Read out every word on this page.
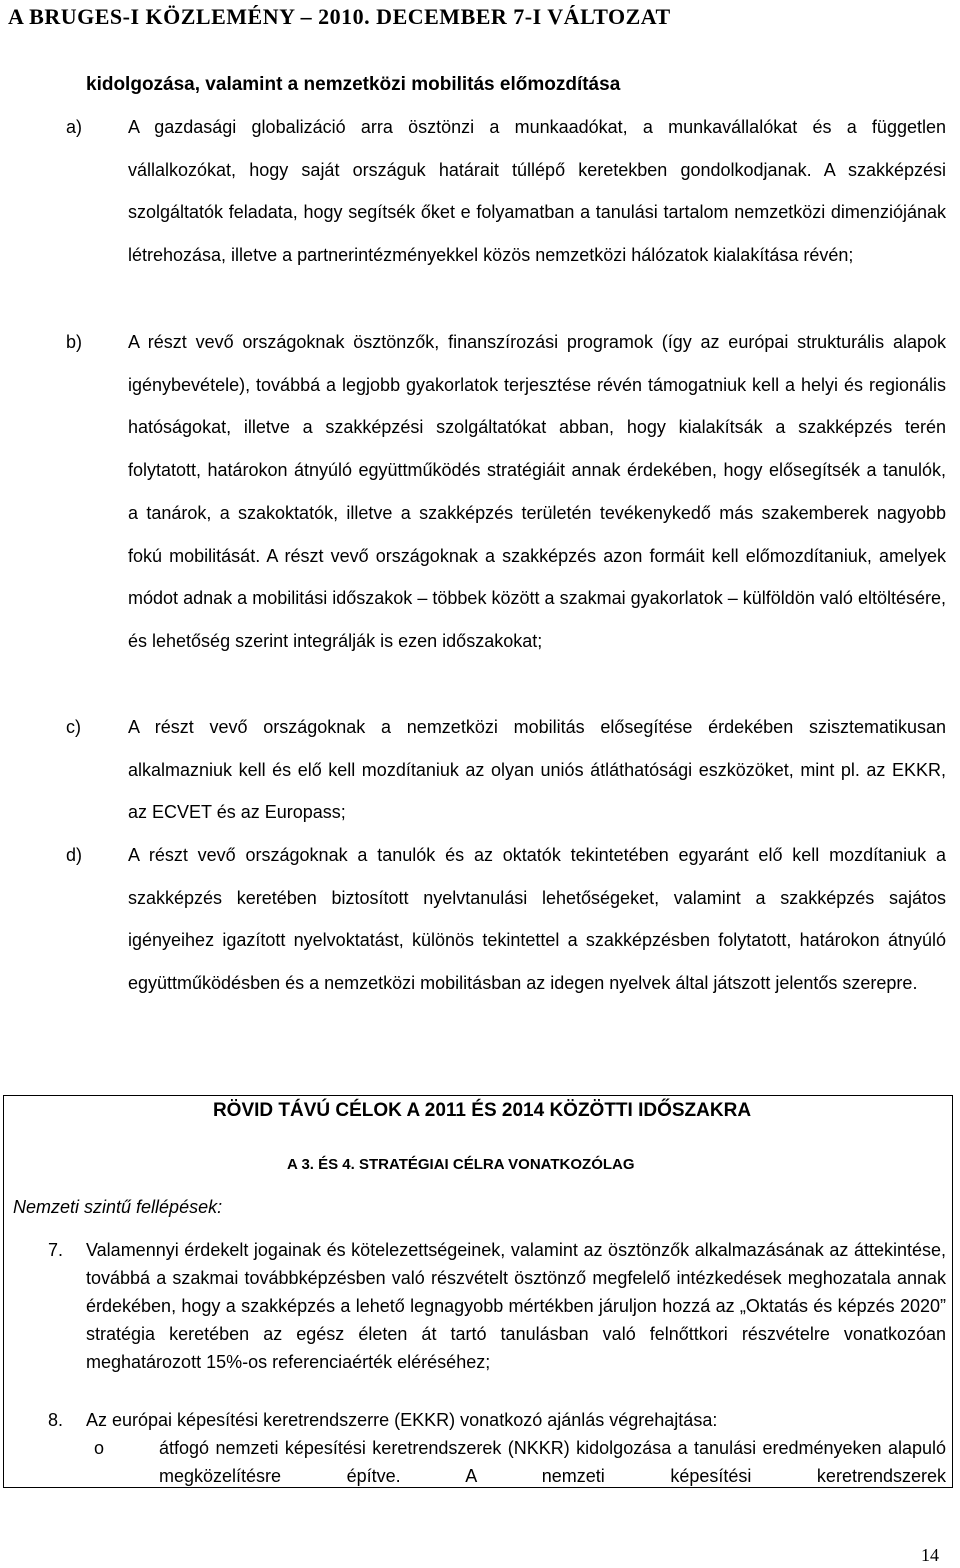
A BRUGES-I KÖZLEMÉNY – 2010. DECEMBER 7-I VÁLTOZAT
kidolgozása, valamint a nemzetközi mobilitás előmozdítása
a)	A gazdasági globalizáció arra ösztönzi a munkaadókat, a munkavállalókat és a független vállalkozókat, hogy saját országuk határait túllépő keretekben gondolkodjanak. A szakképzési szolgáltatók feladata, hogy segítsék őket e folyamatban a tanulási tartalom nemzetközi dimenziójának létrehozása, illetve a partnerintézményekkel közös nemzetközi hálózatok kialakítása révén;

b)	A részt vevő országoknak ösztönzők, finanszírozási programok (így az európai strukturális alapok igénybevétele), továbbá a legjobb gyakorlatok terjesztése révén támogatniuk kell a helyi és regionális hatóságokat, illetve a szakképzési szolgáltatókat abban, hogy kialakítsák a szakképzés terén folytatott, határokon átnyúló együttműködés stratégiáit annak érdekében, hogy elősegítsék a tanulók, a tanárok, a szakoktatók, illetve a szakképzés területén tevékenykedő más szakemberek nagyobb fokú mobilitását. A részt vevő országoknak a szakképzés azon formáit kell előmozdítaniuk, amelyek módot adnak a mobilitási időszakok – többek között a szakmai gyakorlatok – külföldön való eltöltésére, és lehetőség szerint integrálják is ezen időszakokat;

c)	A részt vevő országoknak a nemzetközi mobilitás elősegítése érdekében szisztematikusan alkalmazniuk kell és elő kell mozdítaniuk az olyan uniós átláthatósági eszközöket, mint pl. az EKKR, az ECVET és az Europass;

d)	A részt vevő országoknak a tanulók és az oktatók tekintetében egyaránt elő kell mozdítaniuk a szakképzés keretében biztosított nyelvtanulási lehetőségeket, valamint a szakképzés sajátos igényeihez igazított nyelvoktatást, különös tekintettel a szakképzésben folytatott, határokon átnyúló együttműködésben és a nemzetközi mobilitásban az idegen nyelvek által játszott jelentős szerepre.

RÖVID TÁVÚ CÉLOK A 2011 ÉS 2014 KÖZÖTTI IDŐSZAKRA
A 3. ÉS 4. STRATÉGIAI CÉLRA VONATKOZÓLAG
Nemzeti szintű fellépések:
7. Valamennyi érdekelt jogainak és kötelezettségeinek, valamint az ösztönzők alkalmazásának az áttekintése, továbbá a szakmai továbbképzésben való részvételt ösztönző megfelelő intézkedések meghozatala annak érdekében, hogy a szakképzés a lehető legnagyobb mértékben járuljon hozzá az „Oktatás és képzés 2020” stratégia keretében az egész életen át tartó tanulásban való felnőttkori részvételre vonatkozóan meghatározott 15%-os referenciaérték eléréséhez;
8. Az európai képesítési keretrendszerre (EKKR) vonatkozó ajánlás végrehajtása:
o	átfogó nemzeti képesítési keretrendszerek (NKKR) kidolgozása a tanulási eredményeken alapuló megközelítésre építve. A nemzeti képesítési keretrendszerek
14
